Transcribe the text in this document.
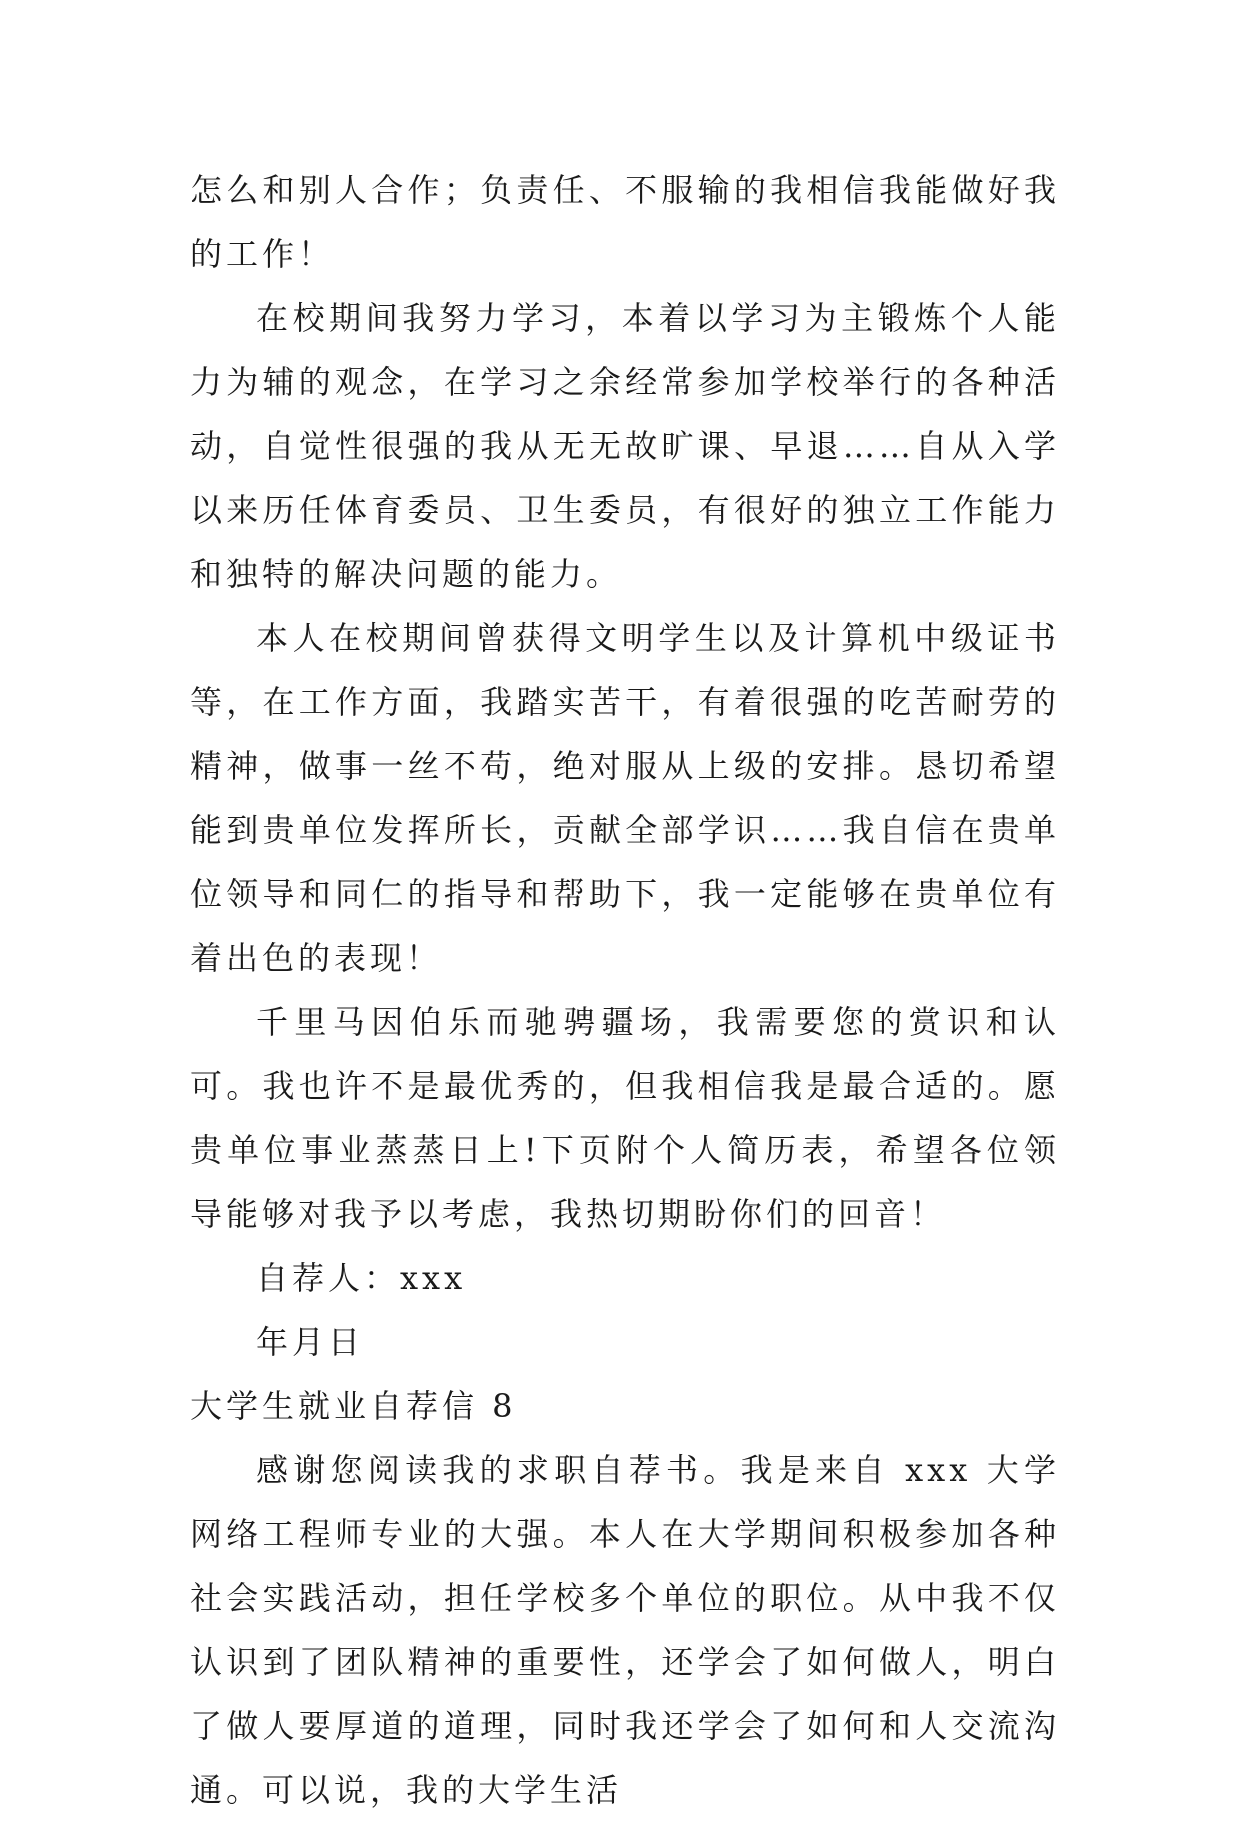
怎么和别人合作；负责任、不服输的我相信我能做好我的工作！

在校期间我努力学习，本着以学习为主锻炼个人能力为辅的观念，在学习之余经常参加学校举行的各种活动，自觉性很强的我从无无故旷课、早退……自从入学以来历任体育委员、卫生委员，有很好的独立工作能力和独特的解决问题的能力。

本人在校期间曾获得文明学生以及计算机中级证书等，在工作方面，我踏实苦干，有着很强的吃苦耐劳的精神，做事一丝不苟，绝对服从上级的安排。恳切希望能到贵单位发挥所长，贡献全部学识……我自信在贵单位领导和同仁的指导和帮助下，我一定能够在贵单位有着出色的表现！

千里马因伯乐而驰骋疆场，我需要您的赏识和认可。我也许不是最优秀的，但我相信我是最合适的。愿贵单位事业蒸蒸日上!下页附个人简历表，希望各位领导能够对我予以考虑，我热切期盼你们的回音！

自荐人：xxx

年月日

大学生就业自荐信 8

感谢您阅读我的求职自荐书。我是来自 xxx 大学网络工程师专业的大强。本人在大学期间积极参加各种社会实践活动，担任学校多个单位的职位。从中我不仅认识到了团队精神的重要性，还学会了如何做人，明白了做人要厚道的道理，同时我还学会了如何和人交流沟通。可以说，我的大学生活
